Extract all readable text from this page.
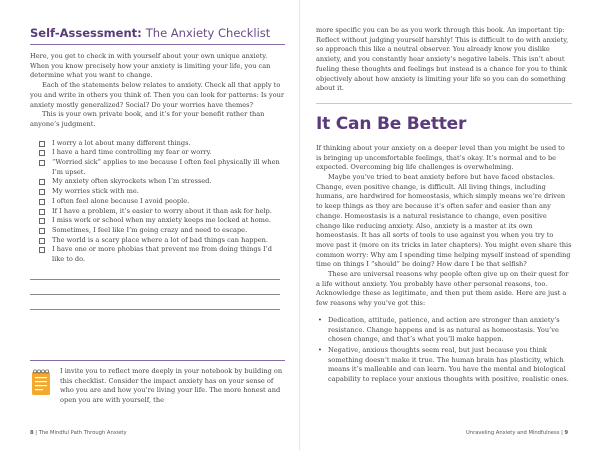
Self-Assessment: The Anxiety Checklist

Here, you get to check in with yourself about your own unique anxiety. When you know precisely how your anxiety is limiting your life, you can determine what you want to change.

Each of the statements below relates to anxiety. Check all that apply to you and write in others you think of. Then you can look for patterns: Is your anxiety mostly generalized? Social? Do your worries have themes?

This is your own private book, and it’s for your benefit rather than anyone’s judgment.

I worry a lot about many different things.
I have a hard time controlling my fear or worry.
“Worried sick” applies to me because I often feel physically ill when I’m upset.
My anxiety often skyrockets when I’m stressed.
My worries stick with me.
I often feel alone because I avoid people.
If I have a problem, it’s easier to worry about it than ask for help.
I miss work or school when my anxiety keeps me locked at home.
Sometimes, I feel like I’m going crazy and need to escape.
The world is a scary place where a lot of bad things can happen.
I have one or more phobias that prevent me from doing things I’d like to do.

I invite you to reflect more deeply in your notebook by building on this checklist. Consider the impact anxiety has on your sense of who you are and how you’re living your life. The more honest and open you are with yourself, the

8 | The Mindful Path Through Anxiety

more specific you can be as you work through this book. An important tip: Reflect without judging yourself harshly! This is difficult to do with anxiety, so approach this like a neutral observer. You already know you dislike anxiety, and you constantly hear anxiety’s negative labels. This isn’t about fueling these thoughts and feelings but instead is a chance for you to think objectively about how anxiety is limiting your life so you can do something about it.

It Can Be Better

If thinking about your anxiety on a deeper level than you might be used to is bringing up uncomfortable feelings, that’s okay. It’s normal and to be expected. Overcoming big life challenges is overwhelming.

Maybe you’ve tried to beat anxiety before but have faced obstacles. Change, even positive change, is difficult. All living things, including humans, are hardwired for homeostasis, which simply means we’re driven to keep things as they are because it’s often safer and easier than any change. Homeostasis is a natural resistance to change, even positive change like reducing anxiety. Also, anxiety is a master at its own homeostasis. It has all sorts of tools to use against you when you try to move past it (more on its tricks in later chapters). You might even share this common worry: Why am I spending time helping myself instead of spending time on things I “should” be doing? How dare I be that selfish?

These are universal reasons why people often give up on their quest for a life without anxiety. You probably have other personal reasons, too. Acknowledge these as legitimate, and then put them aside. Here are just a few reasons why you’ve got this:

• Dedication, attitude, patience, and action are stronger than anxiety’s resistance. Change happens and is as natural as homeostasis. You’ve chosen change, and that’s what you’ll make happen.
• Negative, anxious thoughts seem real, but just because you think something doesn’t make it true. The human brain has plasticity, which means it’s malleable and can learn. You have the mental and biological capability to replace your anxious thoughts with positive, realistic ones.
Unraveling Anxiety and Mindfulness | 9
